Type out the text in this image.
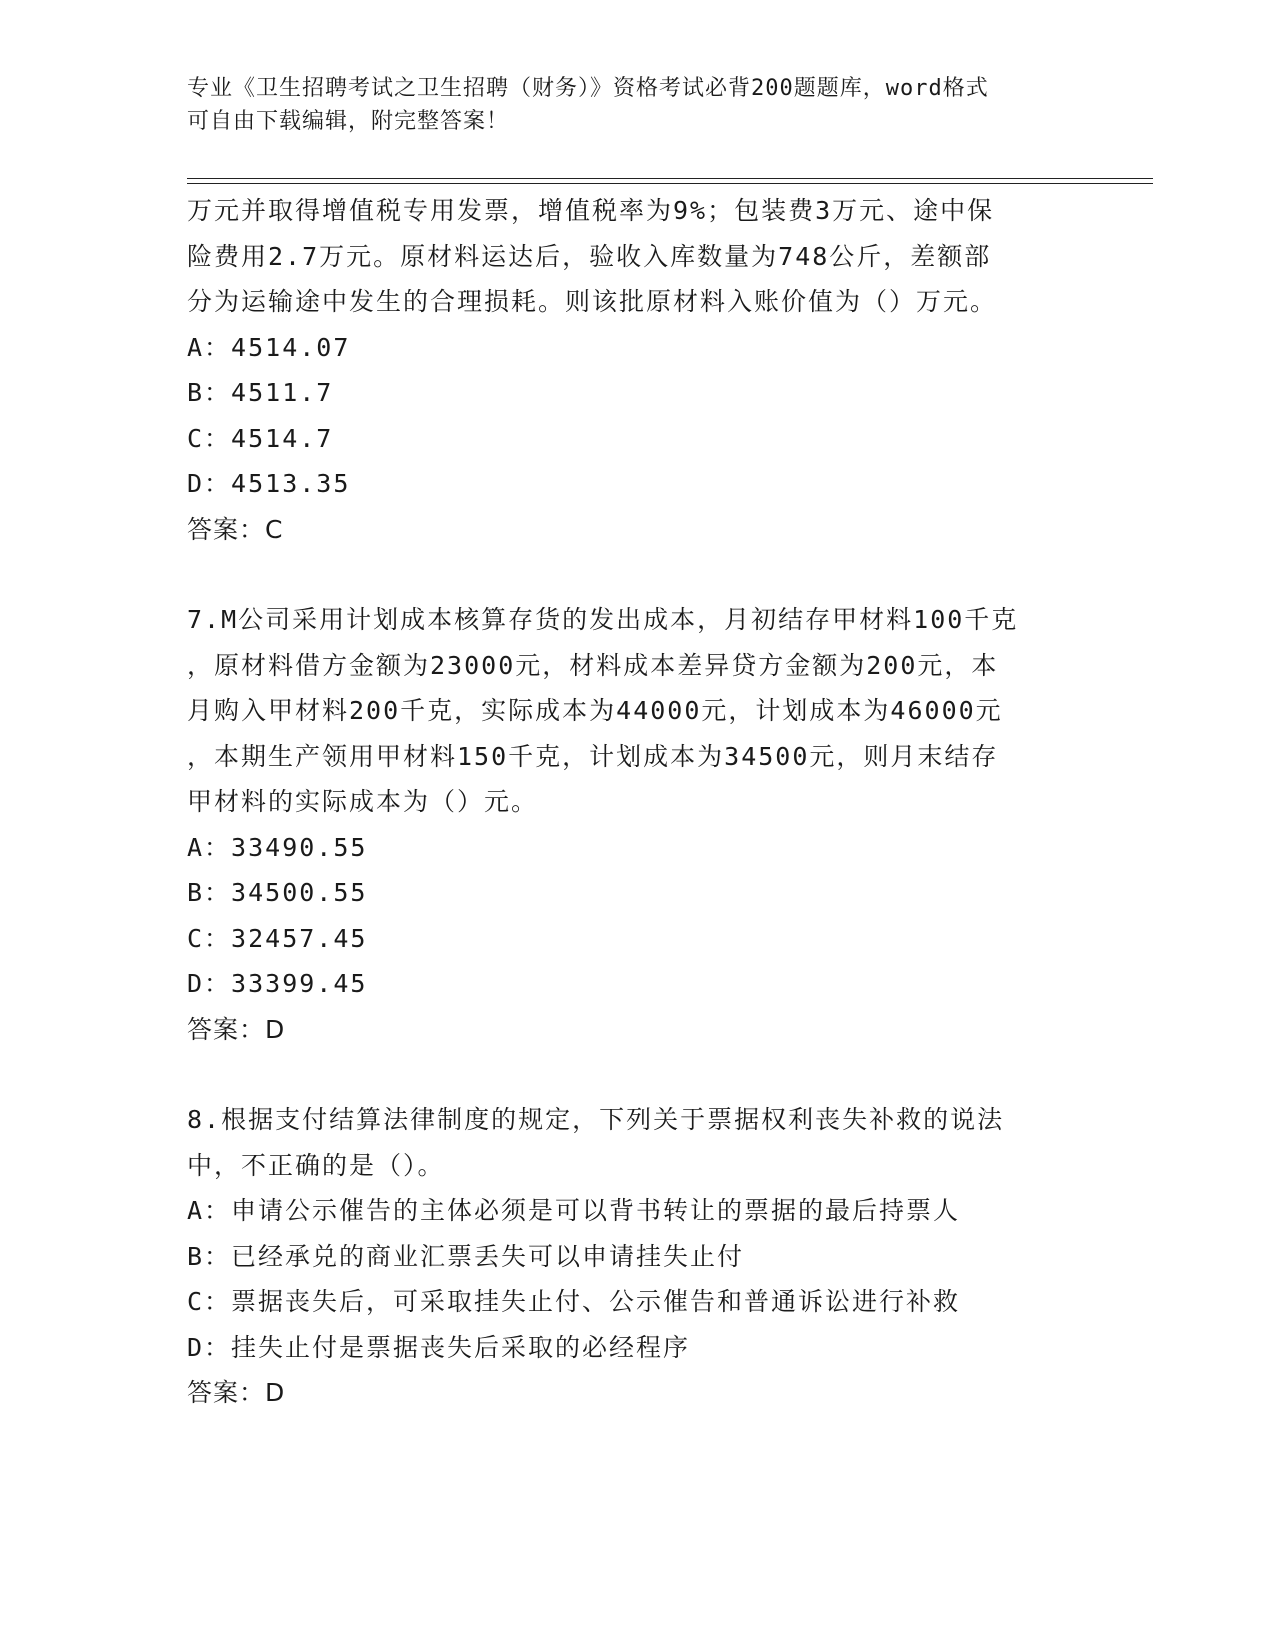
专业《卫生招聘考试之卫生招聘（财务）》资格考试必背200题题库，word格式
可自由下载编辑，附完整答案！
万元并取得增值税专用发票，增值税率为9%；包装费3万元、途中保
险费用2.7万元。原材料运达后，验收入库数量为748公斤，差额部
分为运输途中发生的合理损耗。则该批原材料入账价值为（）万元。
A：4514.07
B：4511.7
C：4514.7
D：4513.35
答案：C
7.M公司采用计划成本核算存货的发出成本，月初结存甲材料100千克
，原材料借方金额为23000元，材料成本差异贷方金额为200元，本
月购入甲材料200千克，实际成本为44000元，计划成本为46000元
，本期生产领用甲材料150千克，计划成本为34500元，则月末结存
甲材料的实际成本为（）元。
A：33490.55
B：34500.55
C：32457.45
D：33399.45
答案：D
8.根据支付结算法律制度的规定，下列关于票据权利丧失补救的说法
中，不正确的是（）。
A：申请公示催告的主体必须是可以背书转让的票据的最后持票人
B：已经承兑的商业汇票丢失可以申请挂失止付
C：票据丧失后，可采取挂失止付、公示催告和普通诉讼进行补救
D：挂失止付是票据丧失后采取的必经程序
答案：D
